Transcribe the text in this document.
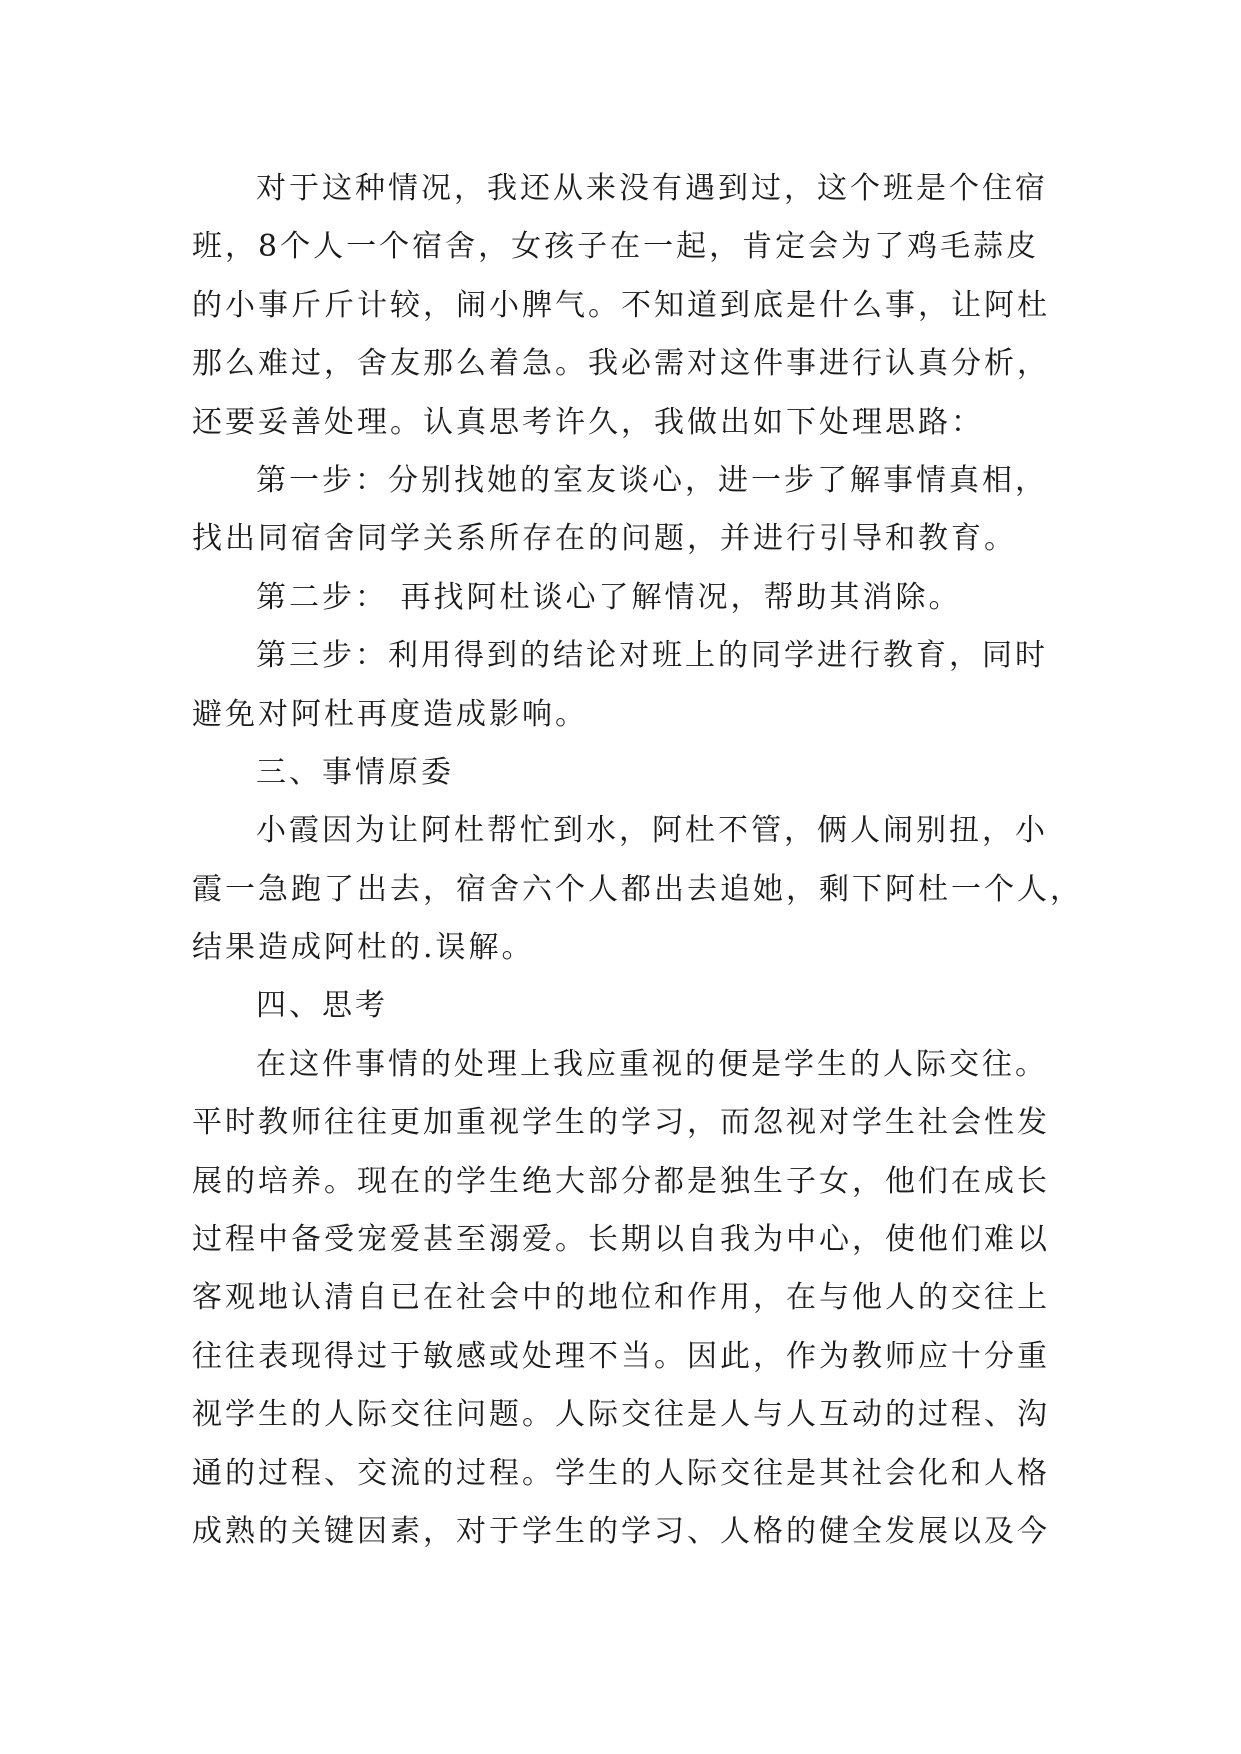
对于这种情况，我还从来没有遇到过，这个班是个住宿
班，8个人一个宿舍，女孩子在一起，肯定会为了鸡毛蒜皮
的小事斤斤计较，闹小脾气。不知道到底是什么事，让阿杜
那么难过，舍友那么着急。我必需对这件事进行认真分析，
还要妥善处理。认真思考许久，我做出如下处理思路：
第一步：分别找她的室友谈心，进一步了解事情真相，
找出同宿舍同学关系所存在的问题，并进行引导和教育。
第二步： 再找阿杜谈心了解情况，帮助其消除。
第三步：利用得到的结论对班上的同学进行教育，同时
避免对阿杜再度造成影响。
三、事情原委
小霞因为让阿杜帮忙到水，阿杜不管，俩人闹别扭，小
霞一急跑了出去，宿舍六个人都出去追她，剩下阿杜一个人，
结果造成阿杜的.误解。
四、思考
在这件事情的处理上我应重视的便是学生的人际交往。
平时教师往往更加重视学生的学习，而忽视对学生社会性发
展的培养。现在的学生绝大部分都是独生子女，他们在成长
过程中备受宠爱甚至溺爱。长期以自我为中心，使他们难以
客观地认清自已在社会中的地位和作用，在与他人的交往上
往往表现得过于敏感或处理不当。因此，作为教师应十分重
视学生的人际交往问题。人际交往是人与人互动的过程、沟
通的过程、交流的过程。学生的人际交往是其社会化和人格
成熟的关键因素，对于学生的学习、人格的健全发展以及今
